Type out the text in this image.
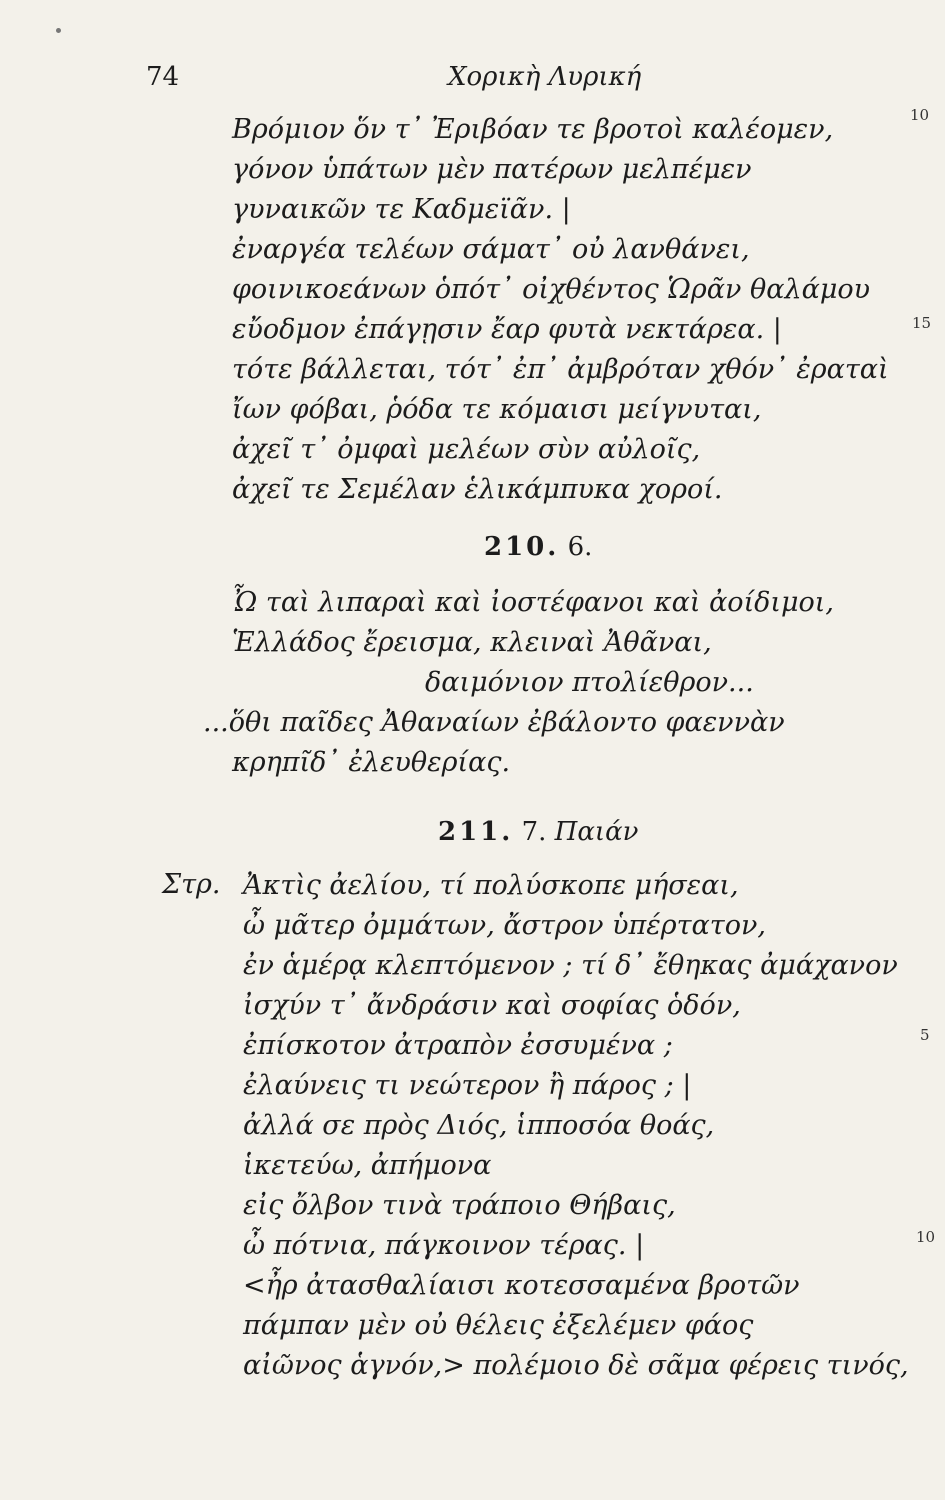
74	Χορικὴ Λυρική
Βρόμιον ὅν τ᾽ Ἐριβόαν τε βροτοὶ καλέομεν,	10
γόνον ὑπάτων μὲν πατέρων μελπέμεν
γυναικῶν τε Καδμεϊᾶν. |
ἐναργέα τελέων σάματ᾽ οὐ λανθάνει,
φοινικοεάνων ὁπότ᾽ οἰχθέντος Ὡρᾶν θαλάμου
εὔοδμον ἐπάγῃσιν ἔαρ φυτὰ νεκτάρεα. |	15
τότε βάλλεται, τότ᾽ ἐπ᾽ ἀμβρόταν χθόν᾽ ἐραταὶ
ἴων φόβαι, ῥόδα τε κόμαισι μείγνυται,
ἀχεῖ τ᾽ ὀμφαὶ μελέων σὺν αὐλοῖς,
ἀχεῖ τε Σεμέλαν ἑλικάμπυκα χοροί.
210. 6.
Ὦ ταὶ λιπαραὶ καὶ ἰοστέφανοι καὶ ἀοίδιμοι,
Ἑλλάδος ἔρεισμα, κλειναὶ Ἀθᾶναι,
δαιμόνιον πτολίεθρον...
...ὅθι παῖδες Ἀθαναίων ἐβάλοντο φαεννὰν
κρηπῖδ᾽ ἐλευθερίας.
211. 7. Παιάν
Στρ. Ἀκτὶς ἀελίου, τί πολύσκοπε μήσεαι,
ὦ μᾶτερ ὀμμάτων, ἄστρον ὑπέρτατον,
ἐν ἁμέρᾳ κλεπτόμενον ; τί δ᾽ ἔθηκας ἀμάχανον
ἰσχύν τ᾽ ἄνδράσιν καὶ σοφίας ὁδόν,
ἐπίσκοτον ἀτραπὸν ἐσσυμένα ;	5
ἐλαύνεις τι νεώτερον ἢ πάρος ; |
ἀλλά σε πρὸς Διός, ἱπποσόα θοάς,
ἱκετεύω, ἀπήμονα
εἰς ὄλβον τινὰ τράποιο Θήβαις,
ὦ πότνια, πάγκοινον τέρας. |	10
<ἦρ ἀτασθαλίαισι κοτεσσαμένα βροτῶν
πάμπαν μὲν οὐ θέλεις ἐξελέμεν φάος
αἰῶνος ἁγνόν,> πολέμοιο δὲ σᾶμα φέρεις τινός,
